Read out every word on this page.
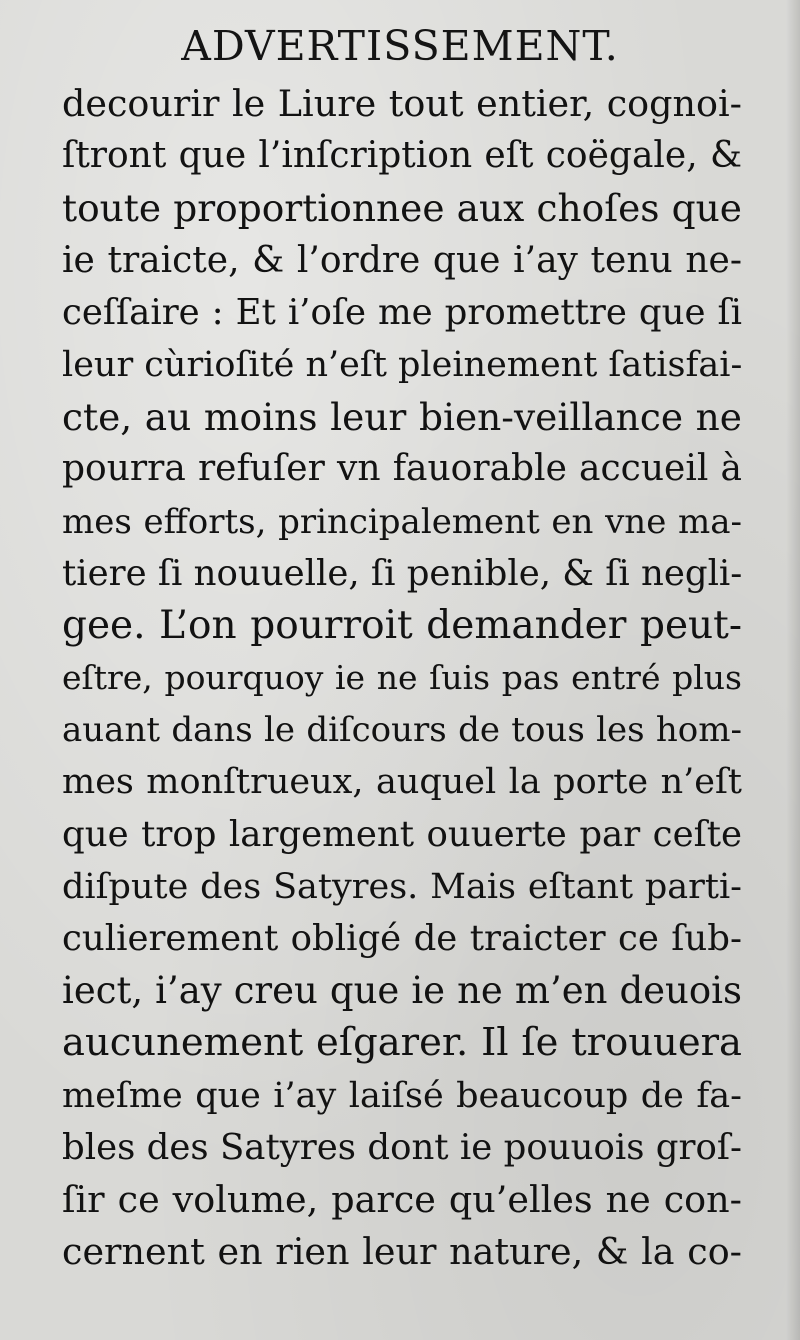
ADVERTISSEMENT.
decourir le Liure tout entier, cognoi-
ſtront que l’inſcription eſt coëgale, &
toute proportionnee aux choſes que
ie traicte, & l’ordre que i’ay tenu ne-
ceſſaire : Et i’oſe me promettre que ſi
leur cùrioſité n’eſt pleinement ſatisfai-
cte, au moins leur bien-veillance ne
pourra refuſer vn fauorable accueil à
mes efforts, principalement en vne ma-
tiere ſi nouuelle, ſi penible, & ſi negli-
gee. L’on pourroit demander peut-
eſtre, pourquoy ie ne ſuis pas entré plus
auant dans le diſcours de tous les hom-
mes monſtrueux, auquel la porte n’eſt
que trop largement ouuerte par ceſte
diſpute des Satyres. Mais eſtant parti-
culierement obligé de traicter ce ſub-
iect, i’ay creu que ie ne m’en deuois
aucunement eſgarer. Il ſe trouuera
meſme que i’ay laiſsé beaucoup de fa-
bles des Satyres dont ie pouuois groſ-
ſir ce volume, parce qu’elles ne con-
cernent en rien leur nature, & la co-
